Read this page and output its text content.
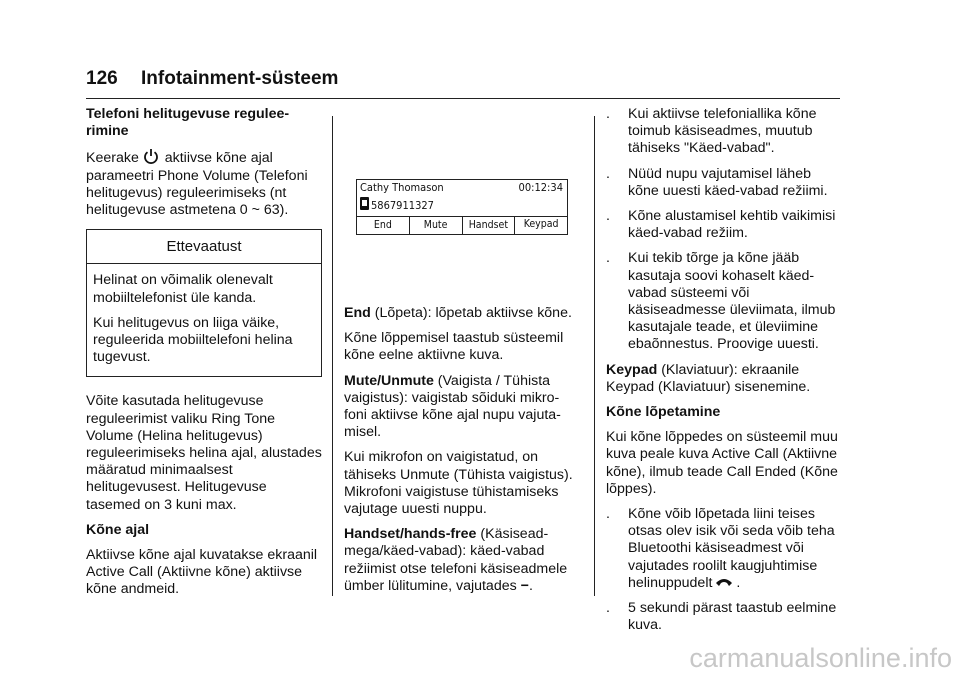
126 Infotainment-süsteem

Telefoni helitugevuse regulee-rimine

Keerake aktiivse kõne ajal parameetri Phone Volume (Telefoni helitugevus) reguleerimiseks (nt helitugevuse astmetena 0 ~ 63).

Ettevaatust

Helinat on võimalik olenevalt mobiiltelefonist üle kanda.

Kui helitugevus on liiga väike, reguleerida mobiiltelefoni helina tugevust.

Võite kasutada helitugevuse reguleerimist valiku Ring Tone Volume (Helina helitugevus) reguleerimiseks helina ajal, alustades määratud minimaalsest helitugevusest. Helitugevuse tasemed on 3 kuni max.

Kõne ajal

Aktiivse kõne ajal kuvatakse ekraanil Active Call (Aktiivne kõne) aktiivse kõne andmeid.

Cathy Thomason	00:12:34
5867911327
End	Mute	Handset	Keypad

End (Lõpeta): lõpetab aktiivse kõne.

Kõne lõppemisel taastub süsteemil kõne eelne aktiivne kuva.

Mute/Unmute (Vaigista / Tühista vaigistus): vaigistab sõiduki mikro-foni aktiivse kõne ajal nupu vajuta-misel.

Kui mikrofon on vaigistatud, on tähiseks Unmute (Tühista vaigistus). Mikrofoni vaigistuse tühistamiseks vajutage uuesti nuppu.

Handset/hands-free (Käsisead-mega/käed-vabad): käed-vabad režiimist otse telefoni käsiseadmele ümber lülitumine, vajutades −.

. Kui aktiivse telefoniallika kõne toimub käsiseadmes, muutub tähiseks "Käed-vabad".
. Nüüd nupu vajutamisel läheb kõne uuesti käed-vabad režiimi.
. Kõne alustamisel kehtib vaikimisi käed-vabad režiim.
. Kui tekib tõrge ja kõne jääb kasutaja soovi kohaselt käed-vabad süsteemi või käsiseadmesse üleviimata, ilmub kasutajale teade, et üleviimine ebaõnnestus. Proovige uuesti.

Keypad (Klaviatuur): ekraanile Keypad (Klaviatuur) sisenemine.

Kõne lõpetamine

Kui kõne lõppedes on süsteemil muu kuva peale kuva Active Call (Aktiivne kõne), ilmub teade Call Ended (Kõne lõppes).

. Kõne võib lõpetada liini teises otsas olev isik või seda võib teha Bluetoothi käsiseadmest või vajutades roolilt kaugjuhtimise helinuppudelt .
. 5 sekundi pärast taastub eelmine kuva.
carmanualsonline.info
